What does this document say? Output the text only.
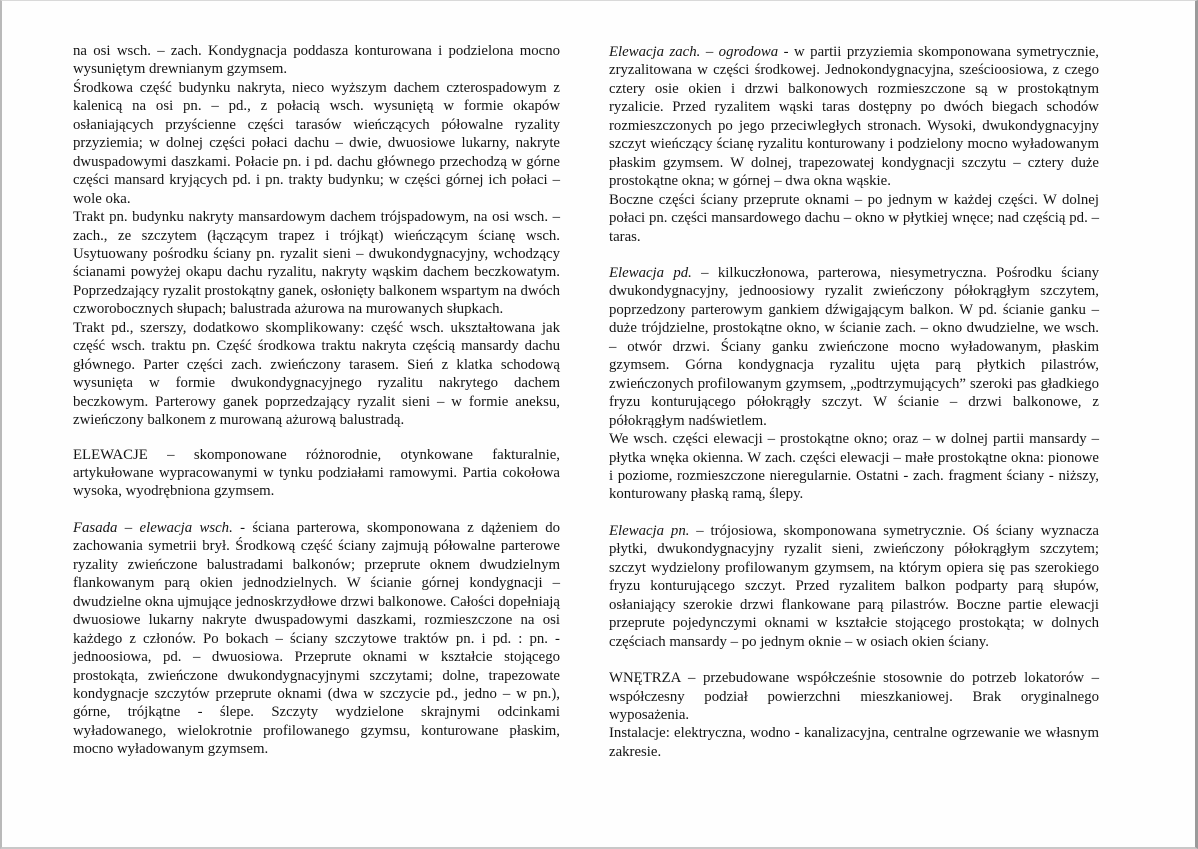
na osi wsch. – zach. Kondygnacja poddasza konturowana i podzielona mocno wysuniętym drewnianym gzymsem.

Środkowa część budynku nakryta, nieco wyższym dachem czterospadowym z kalenicą na osi pn. – pd., z połacią wsch. wysuniętą w formie okapów osłaniających przyścienne części tarasów wieńczących półowalne ryzality przyziemia; w dolnej części połaci dachu – dwie, dwuosiowe lukarny, nakryte dwuspadowymi daszkami. Połacie pn. i pd. dachu głównego przechodzą w górne części mansard kryjących pd. i pn. trakty budynku; w części górnej ich połaci – wole oka.

Trakt pn. budynku nakryty mansardowym dachem trójspadowym, na osi wsch. – zach., ze szczytem (łączącym trapez i trójkąt) wieńczącym ścianę wsch. Usytuowany pośrodku ściany pn. ryzalit sieni – dwukondygnacyjny, wchodzący ścianami powyżej okapu dachu ryzalitu, nakryty wąskim dachem beczkowatym. Poprzedzający ryzalit prostokątny ganek, osłonięty balkonem wspartym na dwóch czworobocznych słupach; balustrada ażurowa na murowanych słupkach.

Trakt pd., szerszy, dodatkowo skomplikowany: część wsch. ukształtowana jak część wsch. traktu pn. Część środkowa traktu nakryta częścią mansardy dachu głównego. Parter części zach. zwieńczony tarasem. Sień z klatka schodową wysunięta w formie dwukondygnacyjnego ryzalitu nakrytego dachem beczkowym. Parterowy ganek poprzedzający ryzalit sieni – w formie aneksu, zwieńczony balkonem z murowaną ażurową balustradą.

ELEWACJE – skomponowane różnorodnie, otynkowane fakturalnie, artykułowane wypracowanymi w tynku podziałami ramowymi. Partia cokołowa wysoka, wyodrębniona gzymsem.

Fasada – elewacja wsch. - ściana parterowa, skomponowana z dążeniem do zachowania symetrii brył. Środkową część ściany zajmują półowalne parterowe ryzality zwieńczone balustradami balkonów; przeprute oknem dwudzielnym flankowanym parą okien jednodzielnych. W ścianie górnej kondygnacji – dwudzielne okna ujmujące jednoskrzydłowe drzwi balkonowe. Całości dopełniają dwuosiowe lukarny nakryte dwuspadowymi daszkami, rozmieszczone na osi każdego z członów. Po bokach – ściany szczytowe traktów pn. i pd. : pn. - jednoosiowa, pd. – dwuosiowa. Przeprute oknami w kształcie stojącego prostokąta, zwieńczone dwukondygnacyjnymi szczytami; dolne, trapezowate kondygnacje szczytów przeprute oknami (dwa w szczycie pd., jedno – w pn.), górne, trójkątne - ślepe. Szczyty wydzielone skrajnymi odcinkami wyładowanego, wielokrotnie profilowanego gzymsu, konturowane płaskim, mocno wyładowanym gzymsem.

Elewacja zach. – ogrodowa - w partii przyziemia skomponowana symetrycznie, zryzalitowana w części środkowej. Jednokondygnacyjna, sześcioosiowa, z czego cztery osie okien i drzwi balkonowych rozmieszczone są w prostokątnym ryzalicie. Przed ryzalitem wąski taras dostępny po dwóch biegach schodów rozmieszczonych po jego przeciwległych stronach. Wysoki, dwukondygnacyjny szczyt wieńczący ścianę ryzalitu konturowany i podzielony mocno wyładowanym płaskim gzymsem. W dolnej, trapezowatej kondygnacji szczytu – cztery duże prostokątne okna; w górnej – dwa okna wąskie.

Boczne części ściany przeprute oknami – po jednym w każdej części. W dolnej połaci pn. części mansardowego dachu – okno w płytkiej wnęce; nad częścią pd. – taras.

Elewacja pd. – kilkuczłonowa, parterowa, niesymetryczna. Pośrodku ściany dwukondygnacyjny, jednoosiowy ryzalit zwieńczony półokrągłym szczytem, poprzedzony parterowym gankiem dźwigającym balkon. W pd. ścianie ganku – duże trójdzielne, prostokątne okno, w ścianie zach. – okno dwudzielne, we wsch. – otwór drzwi. Ściany ganku zwieńczone mocno wyładowanym, płaskim gzymsem. Górna kondygnacja ryzalitu ujęta parą płytkich pilastrów, zwieńczonych profilowanym gzymsem, „podtrzymujących” szeroki pas gładkiego fryzu konturującego półokrągły szczyt. W ścianie – drzwi balkonowe, z półokrągłym nadświetlem.

We wsch. części elewacji – prostokątne okno; oraz – w dolnej partii mansardy – płytka wnęka okienna. W zach. części elewacji – małe prostokątne okna: pionowe i poziome, rozmieszczone nieregularnie. Ostatni - zach. fragment ściany - niższy, konturowany płaską ramą, ślepy.

Elewacja pn. – trójosiowa, skomponowana symetrycznie. Oś ściany wyznacza płytki, dwukondygnacyjny ryzalit sieni, zwieńczony półokrągłym szczytem; szczyt wydzielony profilowanym gzymsem, na którym opiera się pas szerokiego fryzu konturującego szczyt. Przed ryzalitem balkon podparty parą słupów, osłaniający szerokie drzwi flankowane parą pilastrów. Boczne partie elewacji przeprute pojedynczymi oknami w kształcie stojącego prostokąta; w dolnych częściach mansardy – po jednym oknie – w osiach okien ściany.

WNĘTRZA – przebudowane współcześnie stosownie do potrzeb lokatorów – współczesny podział powierzchni mieszkaniowej. Brak oryginalnego wyposażenia.

Instalacje: elektryczna, wodno - kanalizacyjna, centralne ogrzewanie we własnym zakresie.
